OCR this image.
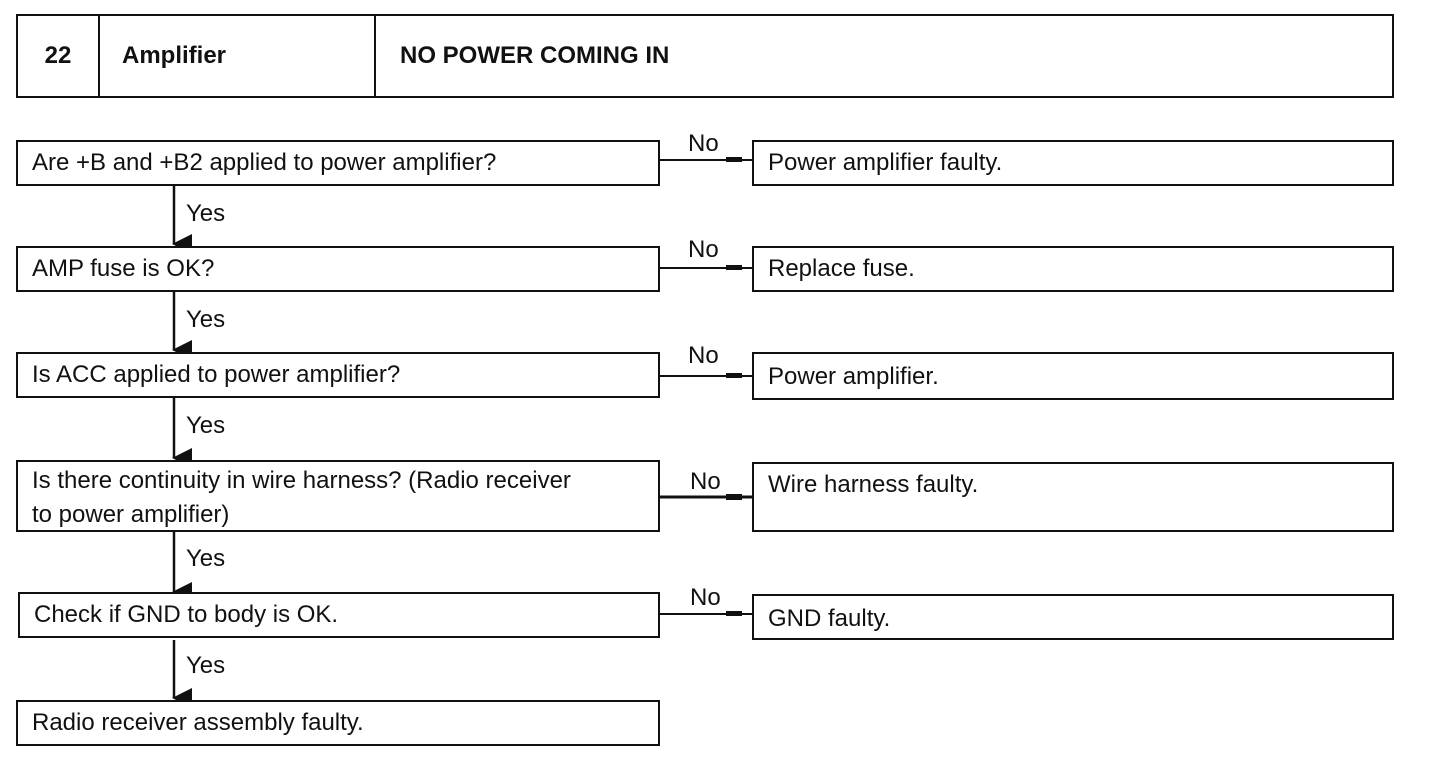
22	Amplifier	NO POWER COMING IN
Are +B and +B2 applied to power amplifier?
No
Power amplifier faulty.
Yes
AMP fuse is OK?
No
Replace fuse.
Yes
Is ACC applied to power amplifier?
No
Power amplifier.
Yes
Is there continuity in wire harness? (Radio receiver
to power amplifier)
No	Wire harness faulty.
Yes
Check if GND to body is OK.
No
GND faulty.
Yes
Radio receiver assembly faulty.
